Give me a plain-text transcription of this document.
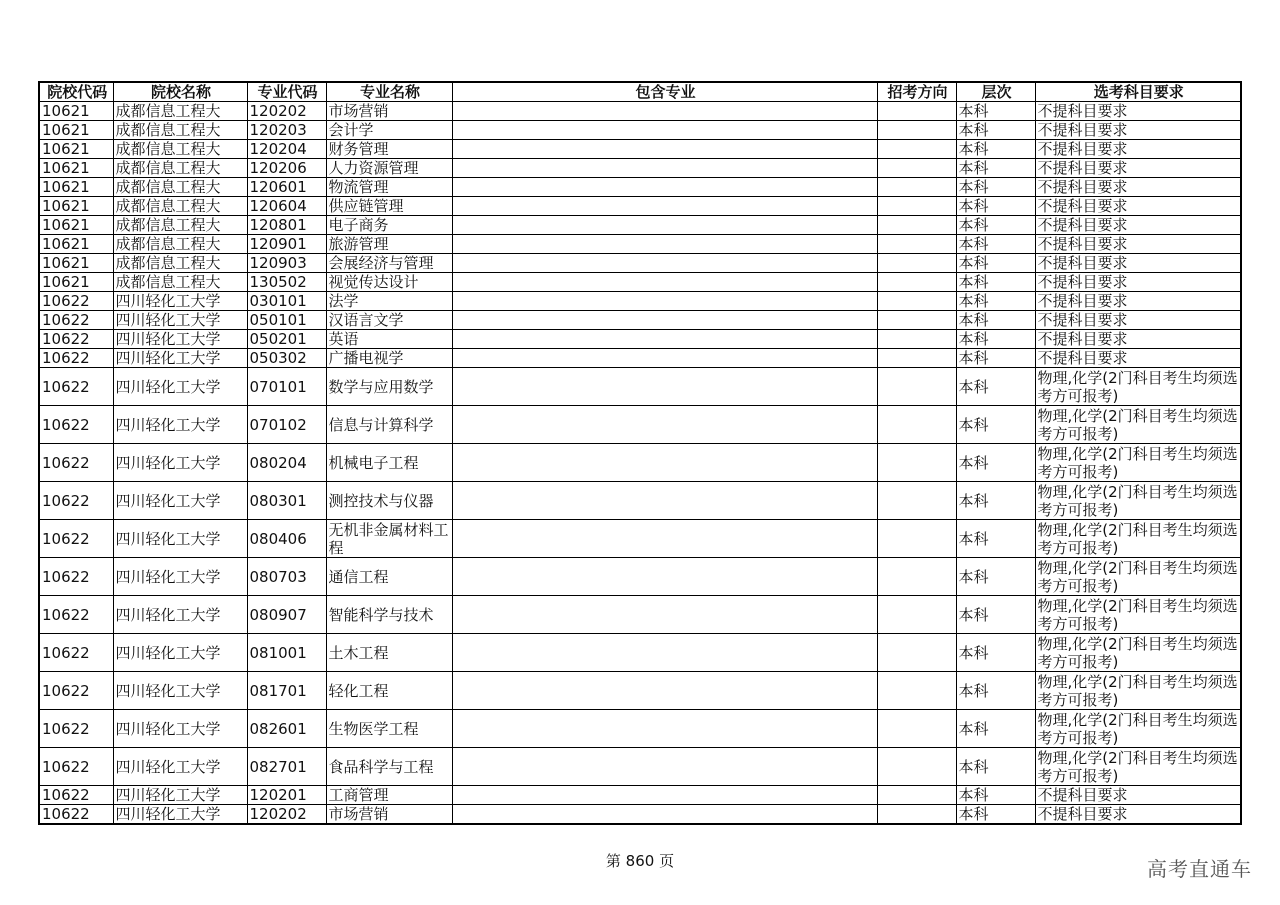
院校代码	院校名称	专业代码	专业名称	包含专业	招考方向	层次	选考科目要求
10621	成都信息工程大	120202	市场营销			本科	不提科目要求
10621	成都信息工程大	120203	会计学			本科	不提科目要求
10621	成都信息工程大	120204	财务管理			本科	不提科目要求
10621	成都信息工程大	120206	人力资源管理			本科	不提科目要求
10621	成都信息工程大	120601	物流管理			本科	不提科目要求
10621	成都信息工程大	120604	供应链管理			本科	不提科目要求
10621	成都信息工程大	120801	电子商务			本科	不提科目要求
10621	成都信息工程大	120901	旅游管理			本科	不提科目要求
10621	成都信息工程大	120903	会展经济与管理			本科	不提科目要求
10621	成都信息工程大	130502	视觉传达设计			本科	不提科目要求
10622	四川轻化工大学	030101	法学			本科	不提科目要求
10622	四川轻化工大学	050101	汉语言文学			本科	不提科目要求
10622	四川轻化工大学	050201	英语			本科	不提科目要求
10622	四川轻化工大学	050302	广播电视学			本科	不提科目要求
10622	四川轻化工大学	070101	数学与应用数学			本科	物理,化学(2门科目考生均须选考方可报考)
10622	四川轻化工大学	070102	信息与计算科学			本科	物理,化学(2门科目考生均须选考方可报考)
10622	四川轻化工大学	080204	机械电子工程			本科	物理,化学(2门科目考生均须选考方可报考)
10622	四川轻化工大学	080301	测控技术与仪器			本科	物理,化学(2门科目考生均须选考方可报考)
10622	四川轻化工大学	080406	无机非金属材料工程			本科	物理,化学(2门科目考生均须选考方可报考)
10622	四川轻化工大学	080703	通信工程			本科	物理,化学(2门科目考生均须选考方可报考)
10622	四川轻化工大学	080907	智能科学与技术			本科	物理,化学(2门科目考生均须选考方可报考)
10622	四川轻化工大学	081001	土木工程			本科	物理,化学(2门科目考生均须选考方可报考)
10622	四川轻化工大学	081701	轻化工程			本科	物理,化学(2门科目考生均须选考方可报考)
10622	四川轻化工大学	082601	生物医学工程			本科	物理,化学(2门科目考生均须选考方可报考)
10622	四川轻化工大学	082701	食品科学与工程			本科	物理,化学(2门科目考生均须选考方可报考)
10622	四川轻化工大学	120201	工商管理			本科	不提科目要求
10622	四川轻化工大学	120202	市场营销			本科	不提科目要求
第 860 页	高考直通车
